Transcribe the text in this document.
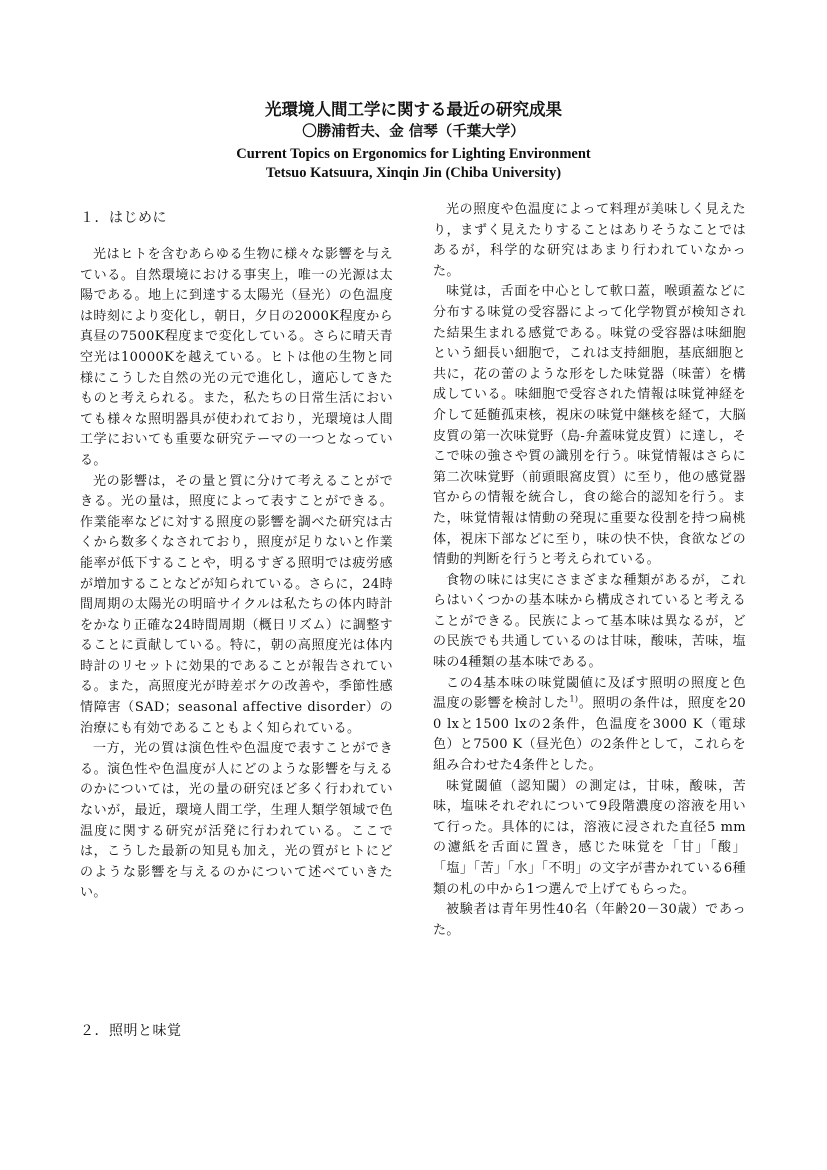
光環境人間工学に関する最近の研究成果

〇勝浦哲夫、金 信琴（千葉大学）

Current Topics on Ergonomics for Lighting Environment

Tetsuo Katsuura, Xinqin Jin (Chiba University)

１．はじめに

光はヒトを含むあらゆる生物に様々な影響を与えている。自然環境における事実上，唯一の光源は太陽である。地上に到達する太陽光（昼光）の色温度は時刻により変化し，朝日，夕日の2000K程度から真昼の7500K程度まで変化している。さらに晴天青空光は10000Kを越えている。ヒトは他の生物と同様にこうした自然の光の元で進化し，適応してきたものと考えられる。また，私たちの日常生活においても様々な照明器具が使われており，光環境は人間工学においても重要な研究テーマの一つとなっている。

光の影響は，その量と質に分けて考えることができる。光の量は，照度によって表すことができる。作業能率などに対する照度の影響を調べた研究は古くから数多くなされており，照度が足りないと作業能率が低下することや，明るすぎる照明では疲労感が増加することなどが知られている。さらに，24時間周期の太陽光の明暗サイクルは私たちの体内時計をかなり正確な24時間周期（概日リズム）に調整することに貢献している。特に，朝の高照度光は体内時計のリセットに効果的であることが報告されている。また，高照度光が時差ボケの改善や，季節性感情障害（SAD；seasonal affective disorder）の治療にも有効であることもよく知られている。

一方，光の質は演色性や色温度で表すことができる。演色性や色温度が人にどのような影響を与えるのかについては，光の量の研究ほど多く行われていないが，最近，環境人間工学，生理人類学領域で色温度に関する研究が活発に行われている。ここでは，こうした最新の知見も加え，光の質がヒトにどのような影響を与えるのかについて述べていきたい。

２．照明と味覚

光の照度や色温度によって料理が美味しく見えたり，まずく見えたりすることはありそうなことではあるが，科学的な研究はあまり行われていなかった。

味覚は，舌面を中心として軟口蓋，喉頭蓋などに分布する味覚の受容器によって化学物質が検知された結果生まれる感覚である。味覚の受容器は味細胞という細長い細胞で，これは支持細胞，基底細胞と共に，花の蕾のような形をした味覚器（味蕾）を構成している。味細胞で受容された情報は味覚神経を介して延髄孤束核，視床の味覚中継核を経て，大脳皮質の第一次味覚野（島‐弁蓋味覚皮質）に達し，そこで味の強さや質の識別を行う。味覚情報はさらに第二次味覚野（前頭眼窩皮質）に至り，他の感覚器官からの情報を統合し，食の総合的認知を行う。また，味覚情報は情動の発現に重要な役割を持つ扁桃体，視床下部などに至り，味の快不快，食欲などの情動的判断を行うと考えられている。

食物の味には実にさまざまな種類があるが，これらはいくつかの基本味から構成されていると考えることができる。民族によって基本味は異なるが，どの民族でも共通しているのは甘味，酸味，苦味，塩味の4種類の基本味である。

この4基本味の味覚閾値に及ぼす照明の照度と色温度の影響を検討した$^{1)}$。照明の条件は，照度を200 lxと1500 lxの2条件，色温度を3000 K（電球色）と7500 K（昼光色）の2条件として，これらを組み合わせた4条件とした。

味覚閾値（認知閾）の測定は，甘味，酸味，苦味，塩味それぞれについて9段階濃度の溶液を用いて行った。具体的には，溶液に浸された直径5 mmの濾紙を舌面に置き，感じた味覚を「甘」「酸」「塩」「苦」「水」「不明」の文字が書かれている6種類の札の中から1つ選んで上げてもらった。

被験者は青年男性40名（年齢20－30歳）であった。
